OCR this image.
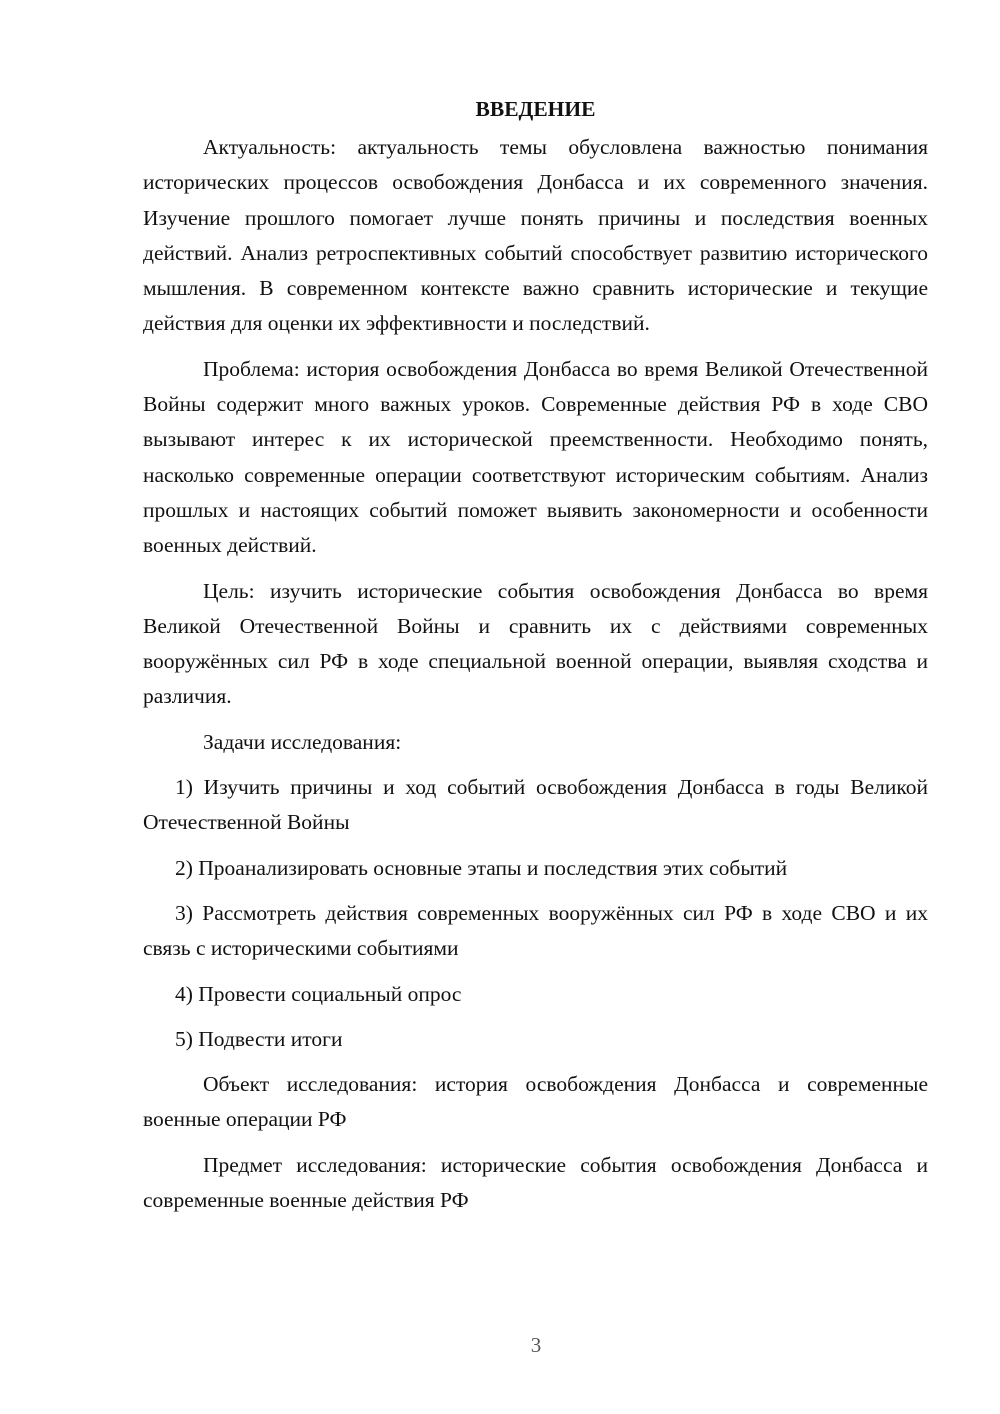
ВВЕДЕНИЕ

Актуальность: актуальность темы обусловлена важностью понимания исторических процессов освобождения Донбасса и их современного значения. Изучение прошлого помогает лучше понять причины и последствия военных действий. Анализ ретроспективных событий способствует развитию исторического мышления. В современном контексте важно сравнить исторические и текущие действия для оценки их эффективности и последствий.

Проблема: история освобождения Донбасса во время Великой Отечественной Войны содержит много важных уроков. Современные действия РФ в ходе СВО вызывают интерес к их исторической преемственности. Необходимо понять, насколько современные операции соответствуют историческим событиям. Анализ прошлых и настоящих событий поможет выявить закономерности и особенности военных действий.

Цель: изучить исторические события освобождения Донбасса во время Великой Отечественной Войны и сравнить их с действиями современных вооружённых сил РФ в ходе специальной военной операции, выявляя сходства и различия.

Задачи исследования:

1) Изучить причины и ход событий освобождения Донбасса в годы Великой Отечественной Войны

2) Проанализировать основные этапы и последствия этих событий

3) Рассмотреть действия современных вооружённых сил РФ в ходе СВО и их связь с историческими событиями

4) Провести социальный опрос

5) Подвести итоги

Объект исследования: история освобождения Донбасса и современные военные операции РФ

Предмет исследования: исторические события освобождения Донбасса и современные военные действия РФ

3
